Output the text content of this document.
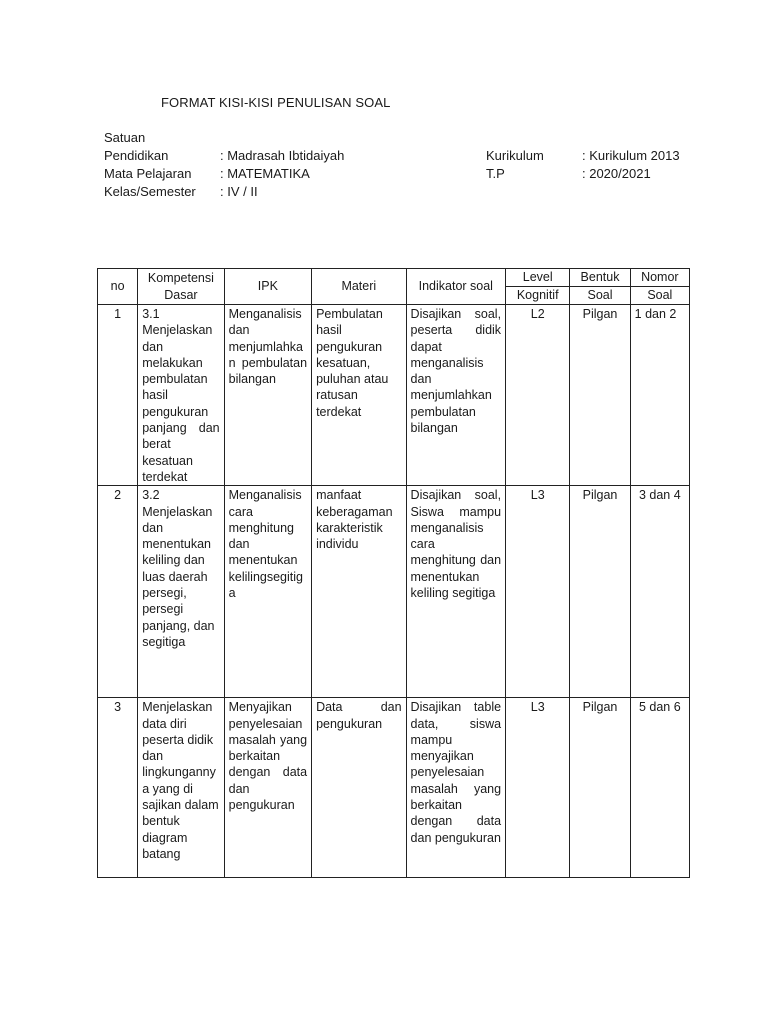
FORMAT KISI-KISI PENULISAN SOAL
Satuan
Pendidikan	: Madrasah Ibtidaiyah	Kurikulum	: Kurikulum 2013
Mata Pelajaran : MATEMATIKA	T.P	: 2020/2021
Kelas/Semester : IV / II
no	Kompetensi Dasar	IPK	Materi	Indikator soal	Level	Bentuk	Nomor
					Kognitif	Soal	Soal
1	3.1 Menjelaskan dan melakukan pembulatan hasil pengukuran panjang dan berat kesatuan terdekat	Menganalisis dan menjumlahkan pembulatan bilangan	Pembulatan hasil pengukuran kesatuan, puluhan atau ratusan terdekat	Disajikan soal, peserta didik dapat menganalisis dan menjumlahkan pembulatan bilangan	L2	Pilgan	1 dan 2
2	3.2 Menjelaskan dan menentukan keliling dan luas daerah persegi, persegi panjang, dan segitiga	Menganalisis cara menghitung dan menentukan kelilingsegitiga	manfaat keberagaman karakteristik individu	Disajikan soal, Siswa mampu menganalisis cara menghitung dan menentukan keliling segitiga	L3	Pilgan	3 dan 4
3	Menjelaskan data diri peserta didik dan lingkungannya yang di sajikan dalam bentuk diagram batang	Menyajikan penyelesaian masalah yang berkaitan dengan data dan pengukuran	Data dan pengukuran	Disajikan table data, siswa mampu menyajikan penyelesaian masalah yang berkaitan dengan data dan pengukuran	L3	Pilgan	5 dan 6
